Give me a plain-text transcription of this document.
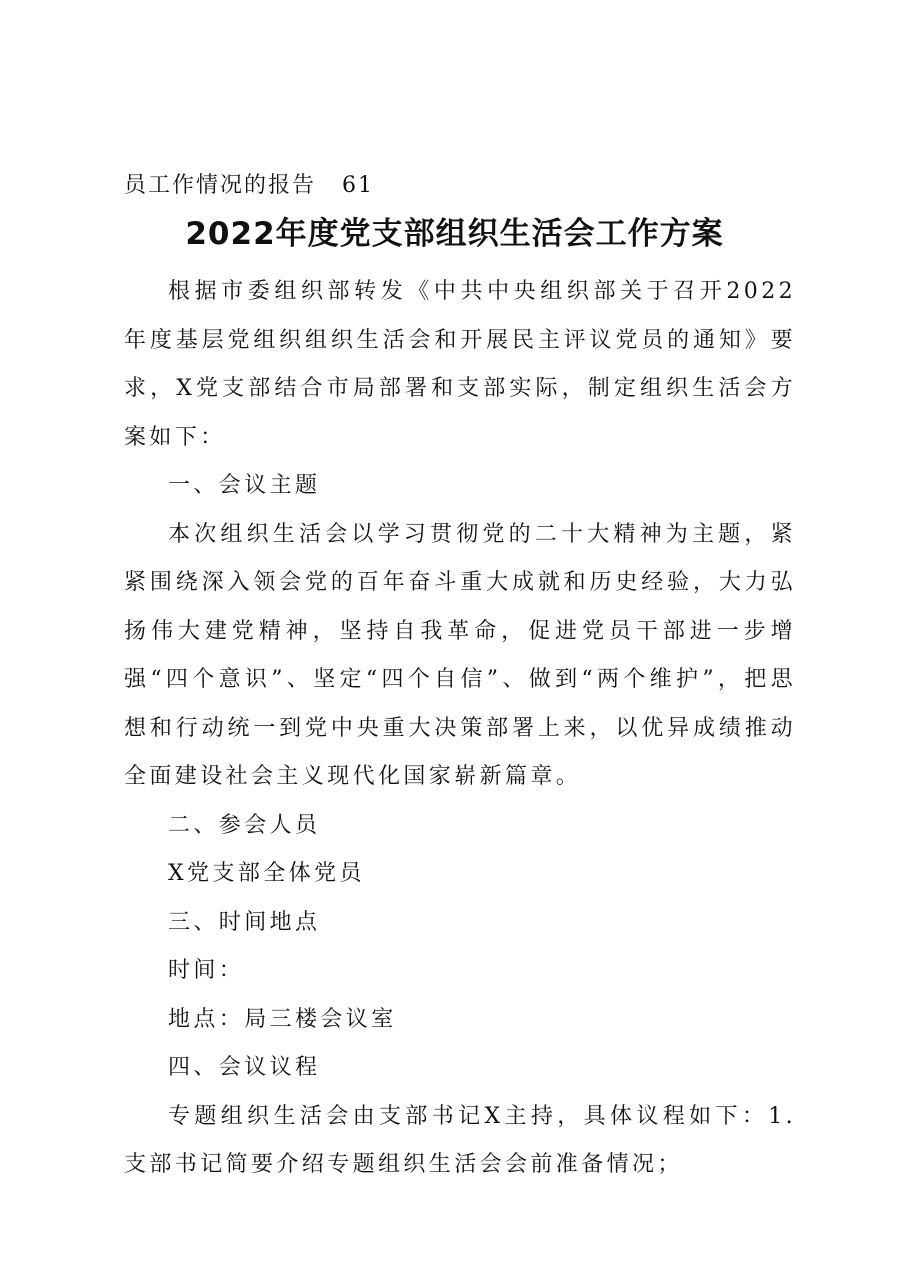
员工作情况的报告 61
2022年度党支部组织生活会工作方案

根据市委组织部转发《中共中央组织部关于召开2022年度基层党组织组织生活会和开展民主评议党员的通知》要求，X党支部结合市局部署和支部实际，制定组织生活会方案如下：

一、会议主题

本次组织生活会以学习贯彻党的二十大精神为主题，紧紧围绕深入领会党的百年奋斗重大成就和历史经验，大力弘扬伟大建党精神，坚持自我革命，促进党员干部进一步增强“四个意识”、坚定“四个自信”、做到“两个维护”，把思想和行动统一到党中央重大决策部署上来，以优异成绩推动全面建设社会主义现代化国家崭新篇章。

二、参会人员

X党支部全体党员

三、时间地点

时间：

地点：局三楼会议室

四、会议议程

专题组织生活会由支部书记X主持，具体议程如下：1.支部书记简要介绍专题组织生活会会前准备情况；
